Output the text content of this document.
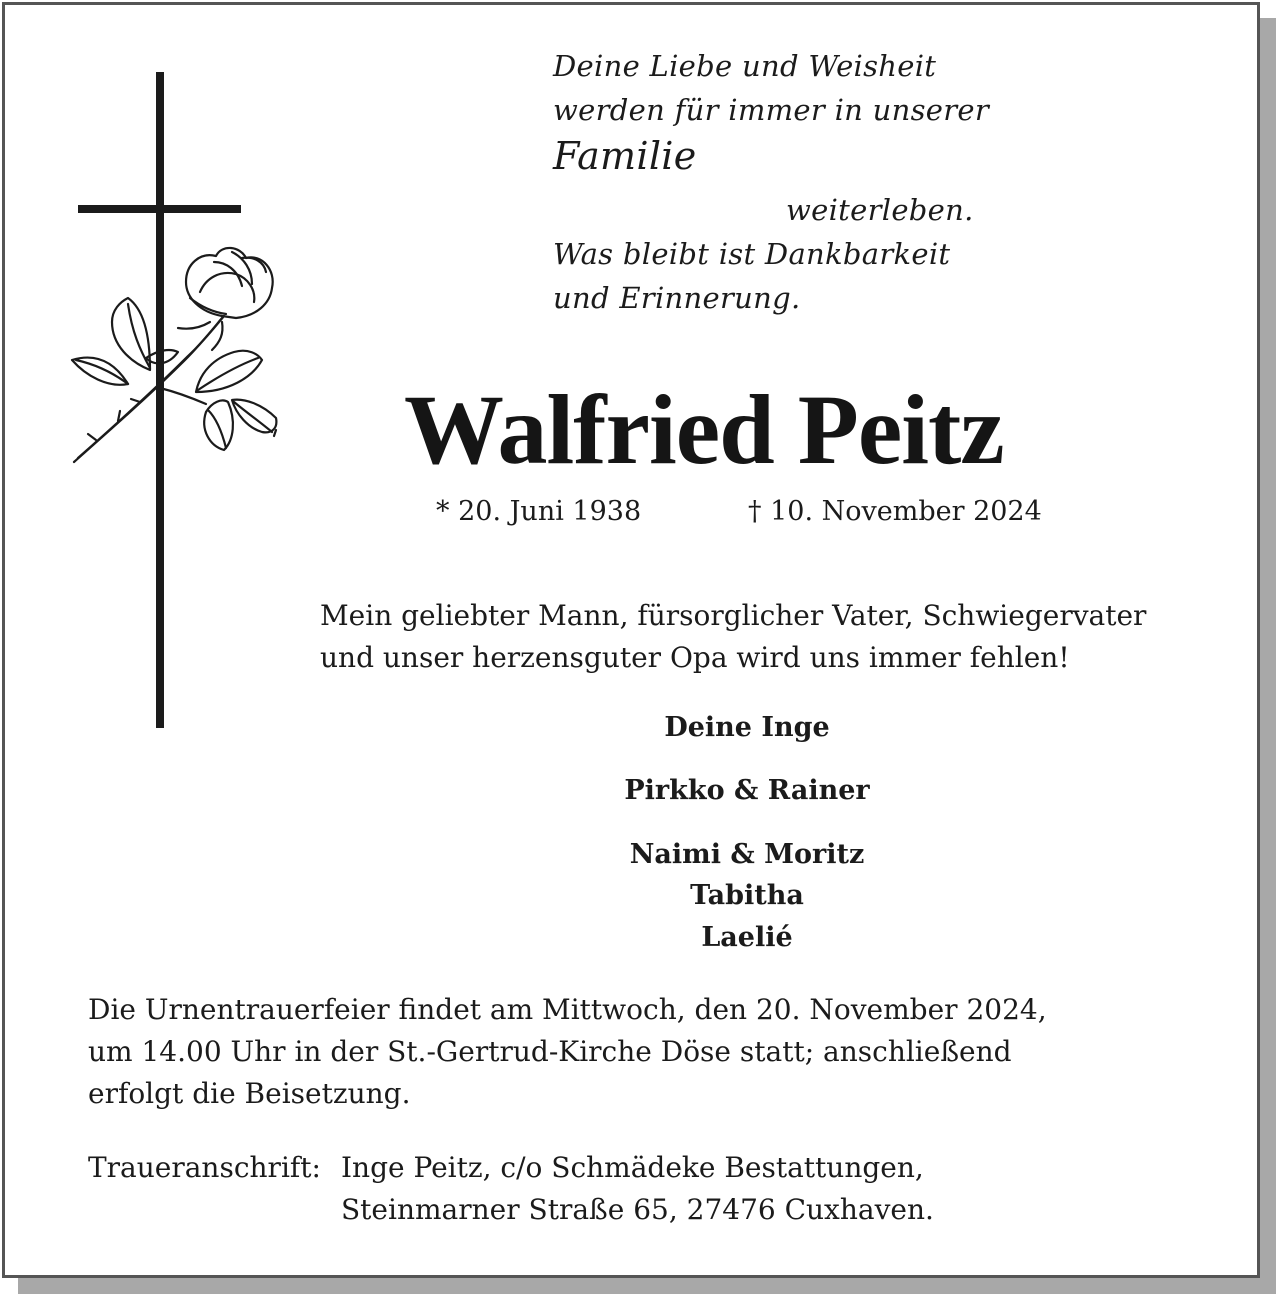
Deine Liebe und Weisheit
werden für immer in unserer
Familie
weiterleben.
Was bleibt ist Dankbarkeit
und Erinnerung.
Walfried Peitz
* 20. Juni 1938	† 10. November 2024
Mein geliebter Mann, fürsorglicher Vater, Schwiegervater
und unser herzensguter Opa wird uns immer fehlen!
Deine Inge
Pirkko & Rainer
Naimi & Moritz
Tabitha
Laelié
Die Urnentrauerfeier findet am Mittwoch, den 20. November 2024,
um 14.00 Uhr in der St.-Gertrud-Kirche Döse statt; anschließend
erfolgt die Beisetzung.
Traueranschrift: Inge Peitz, c/o Schmädeke Bestattungen,
Steinmarner Straße 65, 27476 Cuxhaven.
